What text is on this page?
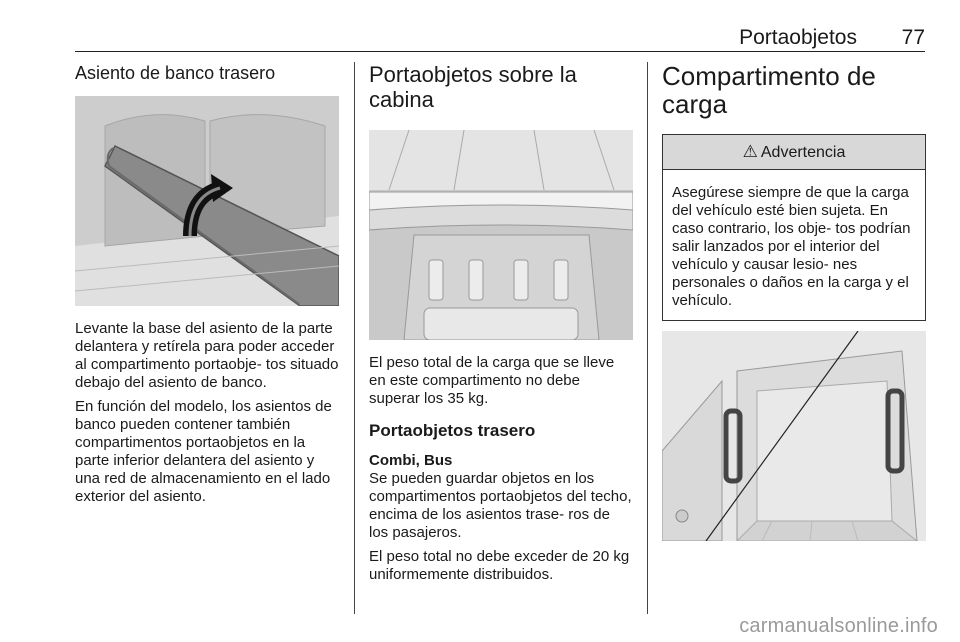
Portaobjetos 77
Asiento de banco trasero

Levante la base del asiento de la parte delantera y retírela para poder acceder al compartimento portaobje- tos situado debajo del asiento de banco.

En función del modelo, los asientos de banco pueden contener también compartimentos portaobjetos en la parte inferior delantera del asiento y una red de almacenamiento en el lado exterior del asiento.

Portaobjetos sobre la cabina

El peso total de la carga que se lleve en este compartimento no debe superar los 35 kg.

Portaobjetos trasero
Combi, Bus

Se pueden guardar objetos en los compartimentos portaobjetos del techo, encima de los asientos trase- ros de los pasajeros.

El peso total no debe exceder de 20 kg uniformemente distribuidos.

Compartimento de carga
⚠ Advertencia
Asegúrese siempre de que la carga del vehículo esté bien sujeta. En caso contrario, los obje- tos podrían salir lanzados por el interior del vehículo y causar lesio- nes personales o daños en la carga y el vehículo.
carmanualsonline.info
